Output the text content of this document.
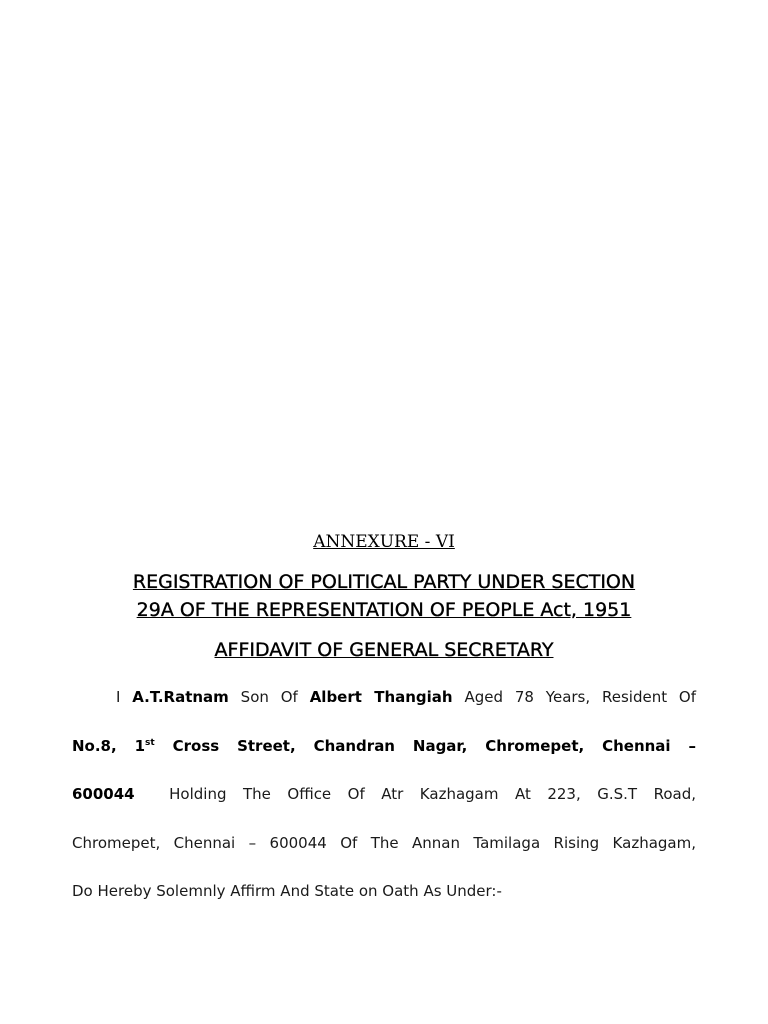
ANNEXURE - VI
REGISTRATION OF POLITICAL PARTY UNDER SECTION
29A OF THE REPRESENTATION OF PEOPLE Act, 1951
AFFIDAVIT OF GENERAL SECRETARY
I A.T.Ratnam Son Of Albert Thangiah Aged 78 Years, Resident Of
No.8, 1st Cross Street, Chandran Nagar, Chromepet, Chennai –
600044 Holding The Office Of Atr Kazhagam At 223, G.S.T Road,
Chromepet, Chennai – 600044 Of The Annan Tamilaga Rising Kazhagam,
Do Hereby Solemnly Affirm And State on Oath As Under:-
